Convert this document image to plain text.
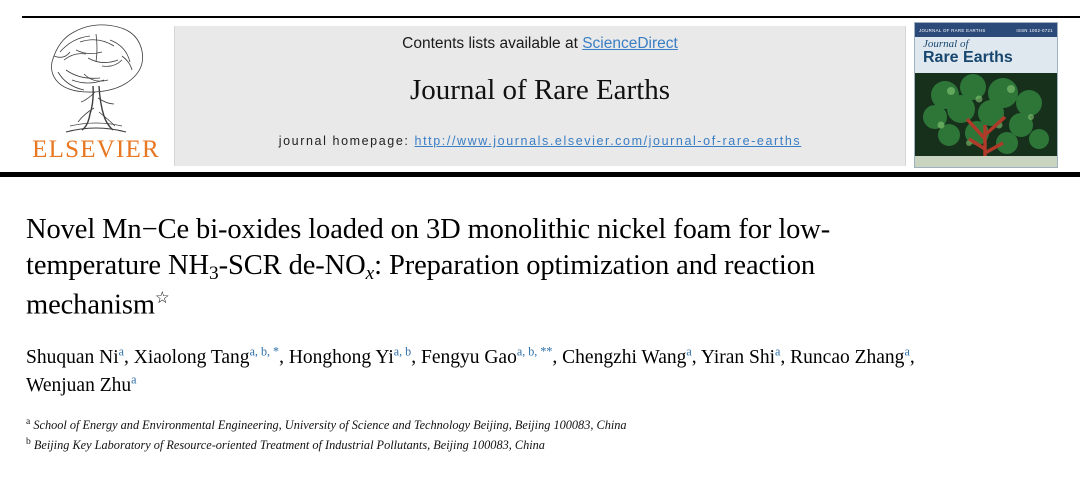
ELSEVIER
Contents lists available at ScienceDirect
Journal of Rare Earths
journal homepage: http://www.journals.elsevier.com/journal-of-rare-earths
JOURNAL OF RARE EARTHS	ISSN 1002-0721
Journal of
Rare Earths
Novel Mn−Ce bi-oxides loaded on 3D monolithic nickel foam for low-temperature $NH_3$-SCR de-NOx: Preparation optimization and reaction mechanism☆
Shuquan Ni$^a$, Xiaolong Tang$^{a, b, *}$, Honghong Yi$^{a, b}$, Fengyu Gao$^{a, b, **}$, Chengzhi Wang$^a$, Yiran Shi$^a$, Runcao Zhang$^a$, Wenjuan Zhu$^a$
$^a$ School of Energy and Environmental Engineering, University of Science and Technology Beijing, Beijing 100083, China
$^b$ Beijing Key Laboratory of Resource-oriented Treatment of Industrial Pollutants, Beijing 100083, China
